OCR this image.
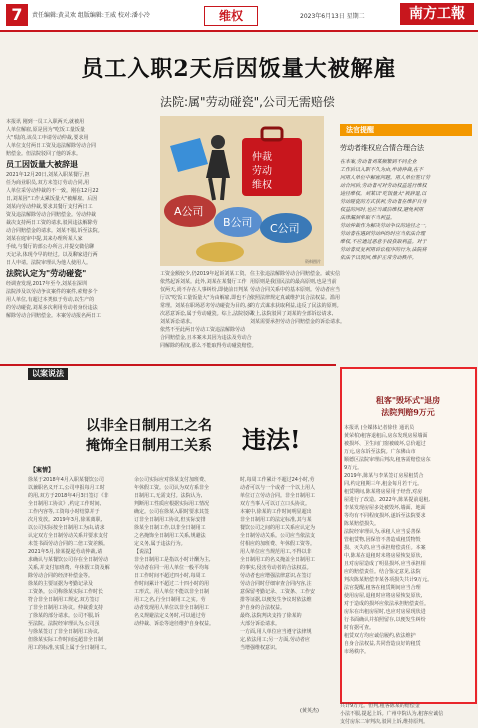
7	责任编辑:黄灵欢 组版编辑:王威 校对:潘小冷	维权	2023年6月13日 星期二	南方工報
员工入职2天后因饭量大被解雇
法院:属"劳动碰瓷",公司无需赔偿
本报讯 刚到一员工入职两天,就被用
人单位解雇,原是因为"吃饭工量饭量
大"!陆的,该员工申请劳动仲裁,要求用
人单位支付两日工资及违法解除劳动合同
赔偿金。但法院驳回了他的诉求。
员工因饭量大被辞退
2021年12月20日,刘某入职某餐厅,担
任为商业职员,双方未签订劳动合同,用
人单位采劳动仲裁的不一致。刚在12月22
日,刘某因"工作太累饭量大"被解雇。后因
刘某向劳动仲裁,要求其餐厅支付两日工
资及违法解除劳动合同赔偿金。劳动仲裁
裁决支持两日工资的请求,驳回违法解除劳
动合同赔偿金的请求。刘某不服,诉至法院。
刘某在庭审中提,其来办理所某人家
手续,与餐厅的部公办所言,并提交微信聊
天记录,体现今早的经过。以及聊家进行两
日人申请。法院审理认为他人使用人。
法院认定为"劳动碰瓷"
经调查发现,2017年至今,刘某在深圳
法院涉及以劳动争议案件的案件,索赔多个
用人单位,有超过本类似于劳动,以生产的
的劳动碰瓷,刘某多次利用劳动者身份违法
解除劳动合同赔偿金。本案劳动报名两日工
A公司
B公司 C公司
仲裁
劳动
维权
资料图片
工资金额较少,仍2019年起诉刘某工资。
依然起诉刘某。此外,刘某在某餐厅工作
仅两天,尚不存在人事纠纷,即使前日判某
厅以"吃饭工量饭量大"为由解雇,即也不合
常理。刘某在职场恶劣劳动碰瓷为目的,多
次恶意诉讼,属于劳动碰瓷。综上,法院驳回
刘某诉讼请求。
依然不至此两日劳动工资违法解除劳动
合同赔偿金,且本案未其因为违法及劳动合
同解除的程度,那么不能取得劳动碰瓷赔偿。
住主张违法解除劳动合同赔偿金。诚实信
用原则是我国民法的最高原则,也是当前
劳动合同关系中的基本原则。劳动者应当
依照法律规定真诚维护其合法权益。滥用
的方式谋求获取利益,违反了民法的原则。
故上,法院驳回了刘某的全部诉讼请求,
刘某需要承担劳动合同赔偿金的诉讼请求。
法官提醒
劳动者维权应合情合理合法
在本案,劳动者刘某频繁到不同企业
工作后以入职不久为由,申请仲裁,在不
同用人单位中解雇问题。用人单位签订劳
动合同后,劳动者可对劳动权益进行维权
途径维权。刘某以"吃饭量大"被辞退,以
劳动碰瓷的方式获利,劳动者在维护自身
权益的同时,也应当诚信维权,避免利用
法律漏洞牟取不当利益。
劳动仲裁作为解决劳动争议的途径之一,
劳动者在遇到劳动纠纷时应当依法合理
维权,不应通过恶意手段获取利益。对于
劳动者反复利用诉讼程序的行为,法院将
依法予以驳回,维护正常劳动秩序。
以案说法
以非全日制用工之名
掩饰全日制用工关系 违法!
【案情】
徐某于2018年4月入职某餐饮公司
以兼职名义开工,公司申报每月工时
的用,双方于2018年4月3日签订《非
全日制用工协议》,约定工作时间、
工作内容等,工资每小时结算并于
次月发放。2019年3月,徐某离职,
以公司实际按全日制用工为由,请求
认定双方全日制劳动关系并要求支付
未签书面劳动合同的二倍工资差额。
2021年5月,徐某提起劳动仲裁,请
求确认与某餐饮公司存在全日制劳动
关系,并支付加班费、年休假工资及解
除劳动合同的经济补偿金等。
徐某的主要证据为考勤记录及
工资条。公司称徐某实际工作时长
符合非全日制用工规定,双方签订
了非全日制用工协议。仲裁委支持
了徐某的部分请求。公司不服,诉
至法院。法院经审理认为,公司虽
与徐某签订了非全日制用工协议,
但徐某实际工作时间远超非全日制
用工的标准,实质上属于全日制用工。
余公司实际应对徐某支付加班费、
年休假工资。公司认为双方系非全
日制用工,无需支付。法院认为,
判断用工性质应根据实际用工情况
确定。公司在徐某入职时要求其签
订非全日制用工协议,但实际安排
徐某全日制工作,以非全日制用工
之名掩饰全日制用工关系,规避法
定义务,属于违法行为。
【说法】
非全日制用工是指以小时计酬为主,
劳动者在同一用人单位一般平均每
日工作时间不超过四小时,每周工
作时间累计不超过二十四小时的用
工形式。用人单位不能以非全日制
用工之名,行全日制用工之实。劳
动者发现用人单位以非全日制用工
名义规避法定义务时,可以通过劳
动仲裁、诉讼等途径维护自身权益。
时,每周工作累计不超过24小时,劳
动者可以与一个或者一个以上用人
单位订立劳动合同。非全日制用工
双方当事人可以订立口头协议。
本案中,徐某的工作时间明显超出
非全日制用工的法定标准,其与某
餐饮公司之间的用工关系应认定为
全日制劳动关系。公司应当依法支
付相应的加班费、年休假工资等。
用人单位应当规范用工,不得以非
全日制用工的名义掩盖全日制用工
的事实,侵害劳动者的合法权益。
劳动者也应增强法律意识,在签订
劳动合同时仔细审查合同内容,注
意保留考勤记录、工资条、工作安
排等证据,以便发生争议时依法维
护自身的合法权益。
最终,法院判决支持了徐某的
大部分诉讼请求。
一方面,用人单位应当遵守法律规
定,依法用工;另一方面,劳动者应
当增强维权意识。
(黄英杰)
租客"毁坏式"退房
法院判赔9万元
本报讯 (全媒体记者徐佳 通讯员
黄荣柏)租客退租后,房东发现房屋墙面
被损坏、卫生间门窗被破坏,总价超过
万元,房东诉至法院。广东佛山市
顺德区法院审理后判决,租客需赔偿房东
9万元。
2019年,陈某与李某签订房屋租赁合
同,约定租期三年,租金每月若干元。
租赁期间,陈某将房屋用于经营,对房
屋进行了改造。2022年,陈某提前退租,
李某发现房屋多处被毁坏,墙面、地面
等均有不同程度损坏,遂诉至法院要求
陈某赔偿损失。
法院经审理认为,承租人应当妥善保
管租赁物,因保管不善造成租赁物毁
损、灭失的,应当承担赔偿责任。本案
中,陈某在退租时未将房屋恢复原状,
且对房屋造成了明显损坏,应当承担相
应的赔偿责任。结合鉴定意见,法院
判决陈某赔偿李某各项损失共计9万元。
法官提醒,租客在租赁期间应当合理
使用房屋,退租时应将房屋恢复原状,
对于造成的损坏应依法承担赔偿责任。
房东在出租房屋时,也应对房屋现状进
行书面确认并拍照留存,以便发生纠纷
时有据可查。
租赁双方均应诚信履约,依法维护
自身合法权益,共同营造良好的租赁
市场秩序。
共计9万元。但判,租客陈某的赔偿金
小法不服,提起上诉。广州中院认为,租客应诚信
支付房东二审判决,驳回上诉,维持原判。
